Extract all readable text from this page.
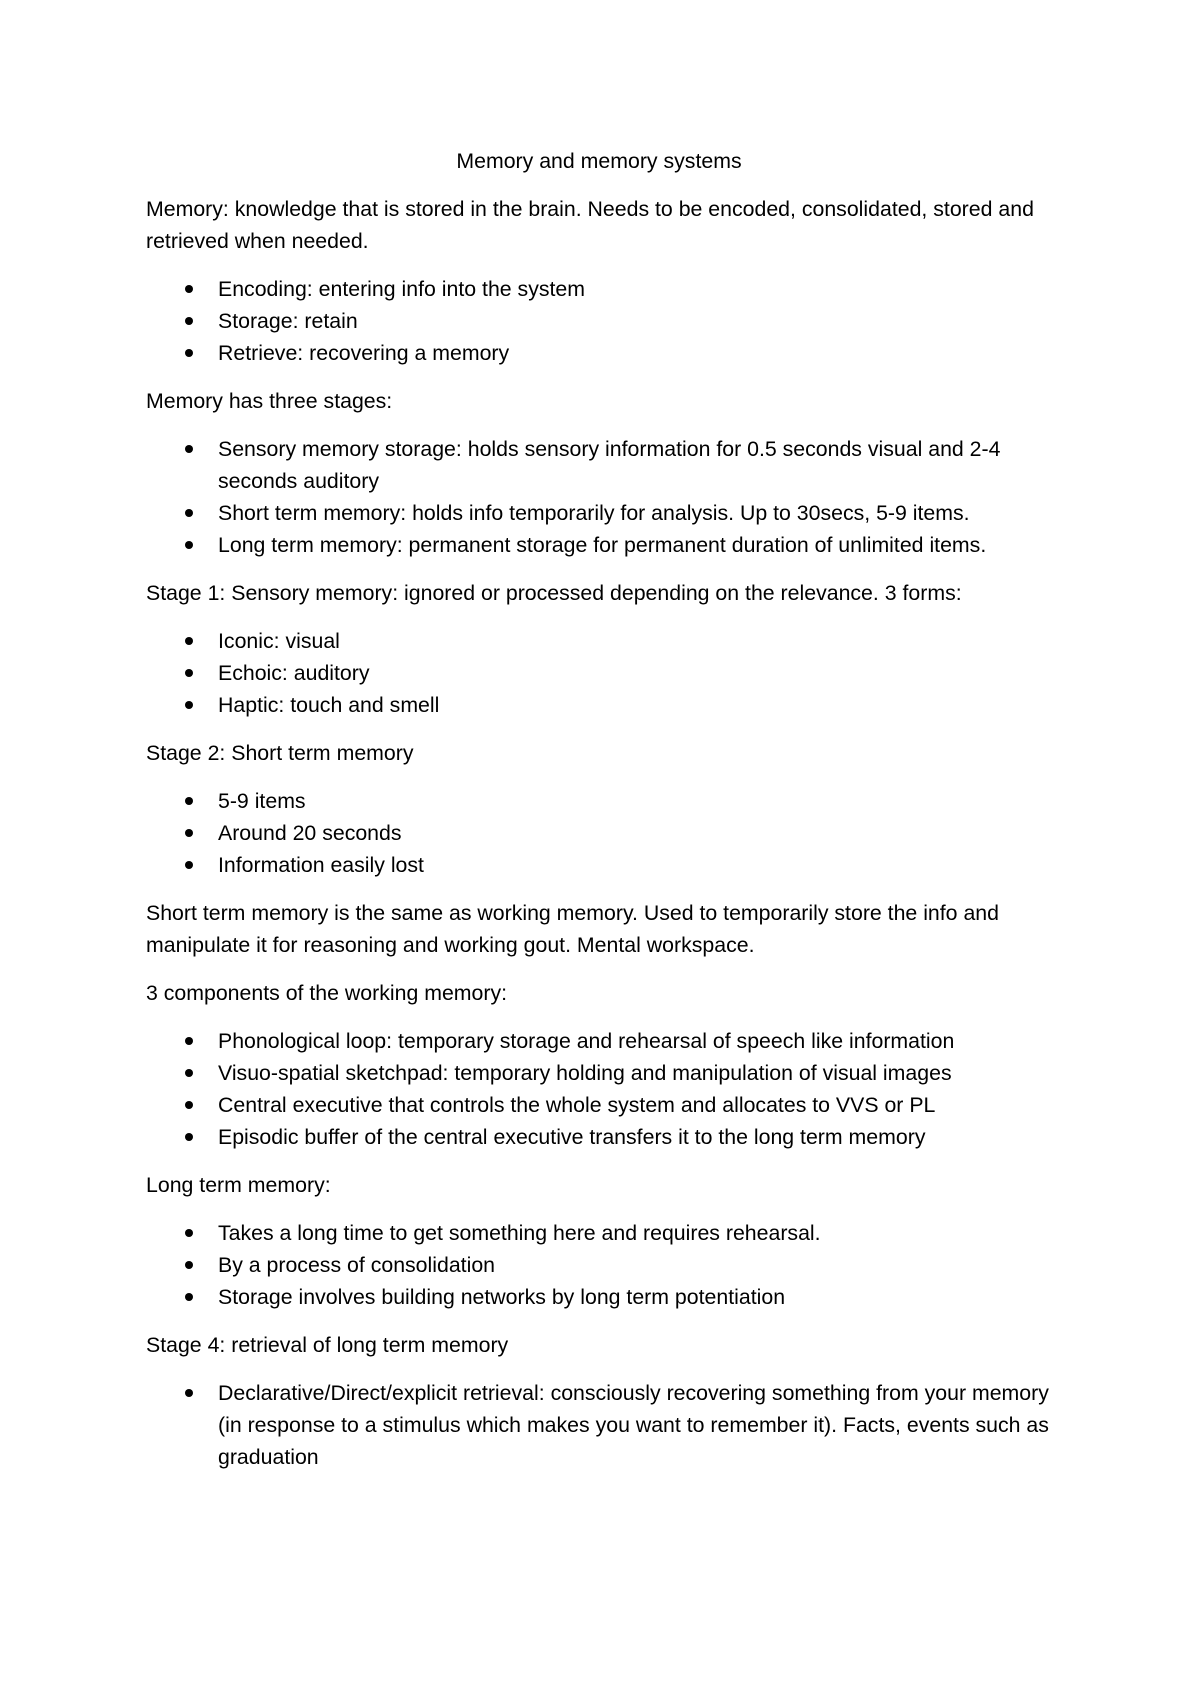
Memory and memory systems
Memory: knowledge that is stored in the brain. Needs to be encoded, consolidated, stored and retrieved when needed.
Encoding: entering info into the system
Storage: retain
Retrieve: recovering a memory
Memory has three stages:
Sensory memory storage: holds sensory information for 0.5 seconds visual and 2-4 seconds auditory
Short term memory: holds info temporarily for analysis. Up to 30secs, 5-9 items.
Long term memory: permanent storage for permanent duration of unlimited items.
Stage 1: Sensory memory: ignored or processed depending on the relevance. 3 forms:
Iconic: visual
Echoic: auditory
Haptic: touch and smell
Stage 2: Short term memory
5-9 items
Around 20 seconds
Information easily lost
Short term memory is the same as working memory. Used to temporarily store the info and manipulate it for reasoning and working gout. Mental workspace.
3 components of the working memory:
Phonological loop: temporary storage and rehearsal of speech like information
Visuo-spatial sketchpad: temporary holding and manipulation of visual images
Central executive that controls the whole system and allocates to VVS or PL
Episodic buffer of the central executive transfers it to the long term memory
Long term memory:
Takes a long time to get something here and requires rehearsal.
By a process of consolidation
Storage involves building networks by long term potentiation
Stage 4: retrieval of long term memory
Declarative/Direct/explicit retrieval: consciously recovering something from your memory (in response to a stimulus which makes you want to remember it). Facts, events such as graduation
